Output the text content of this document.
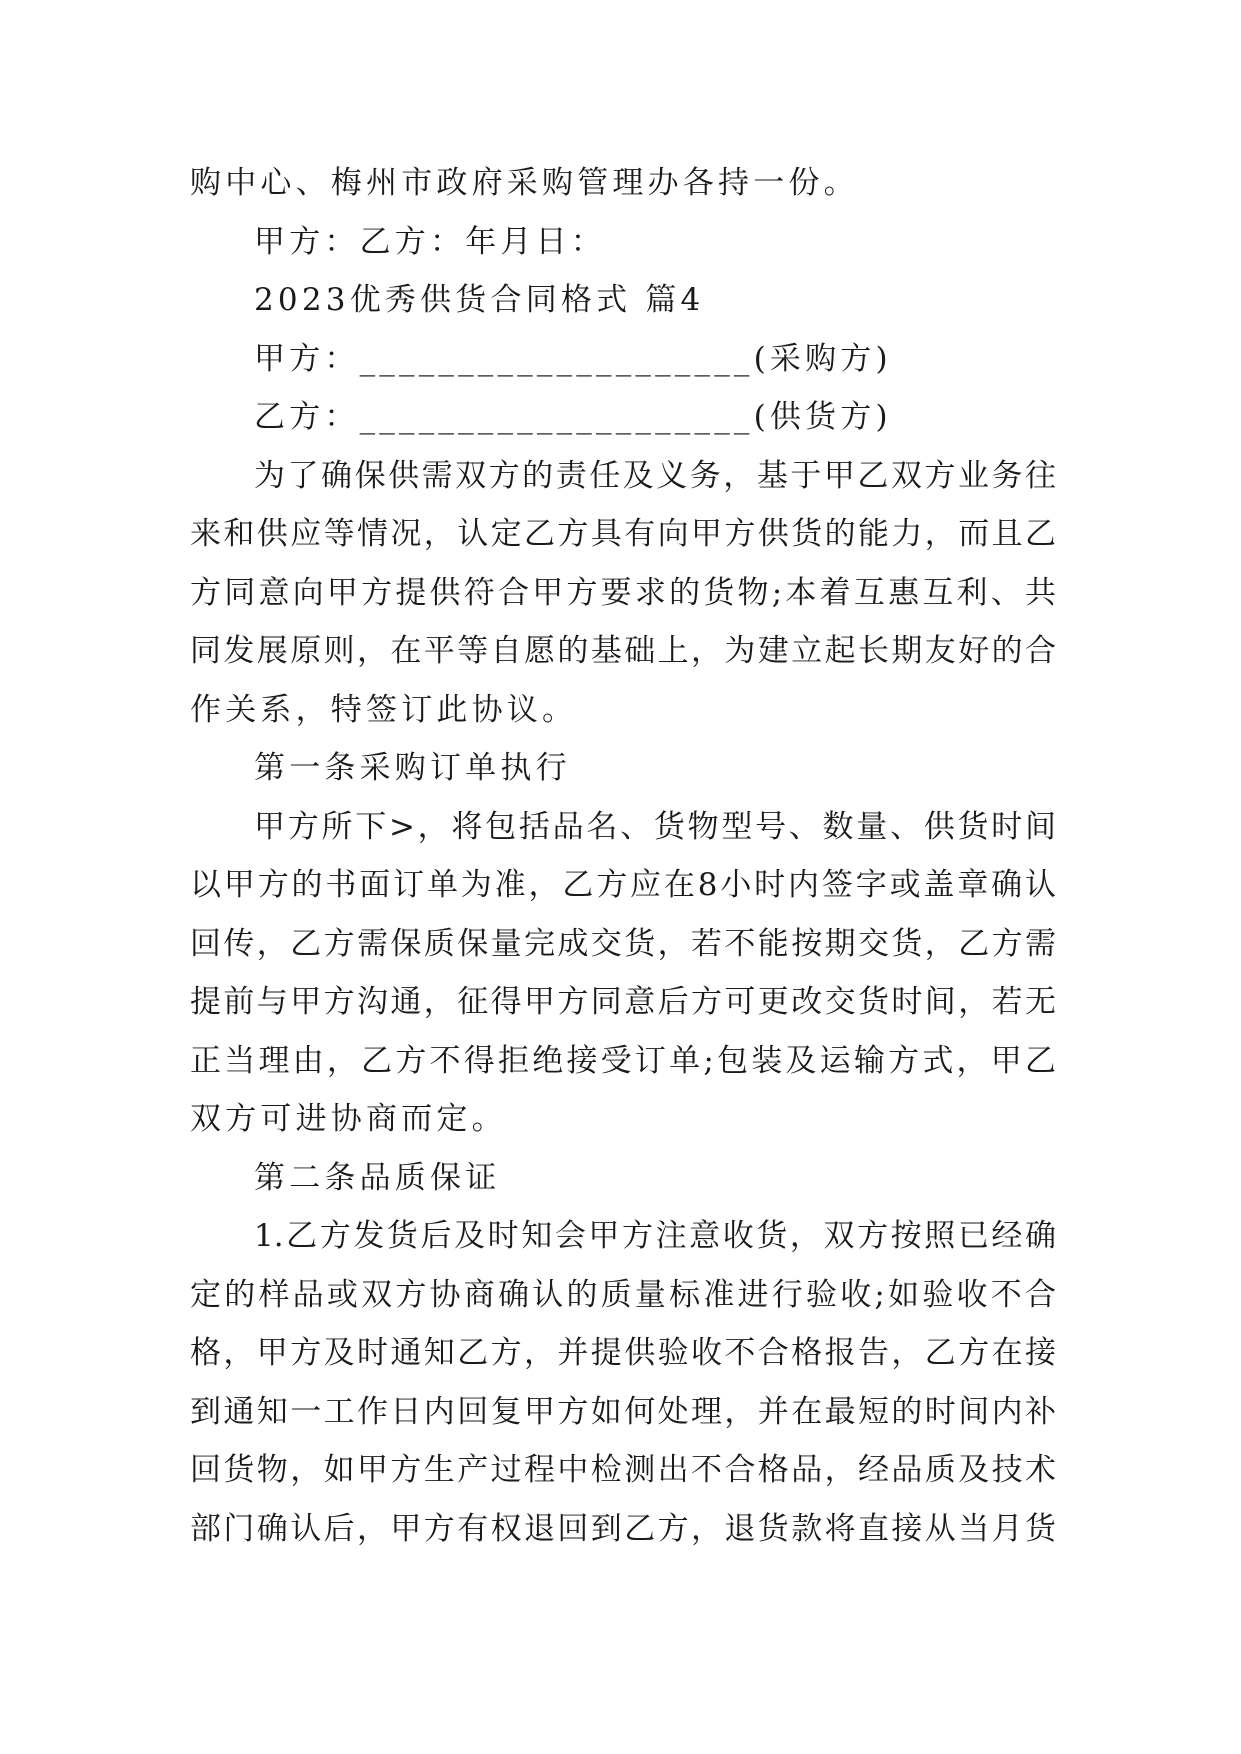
购中心、梅州市政府采购管理办各持一份。
甲方：乙方：年月日：
2023优秀供货合同格式 篇4
甲方：____________________(采购方)
乙方：____________________(供货方)
为了确保供需双方的责任及义务，基于甲乙双方业务往
来和供应等情况，认定乙方具有向甲方供货的能力，而且乙
方同意向甲方提供符合甲方要求的货物;本着互惠互利、共
同发展原则，在平等自愿的基础上，为建立起长期友好的合
作关系，特签订此协议。
第一条采购订单执行
甲方所下>，将包括品名、货物型号、数量、供货时间
以甲方的书面订单为准，乙方应在8小时内签字或盖章确认
回传，乙方需保质保量完成交货，若不能按期交货，乙方需
提前与甲方沟通，征得甲方同意后方可更改交货时间，若无
正当理由，乙方不得拒绝接受订单;包装及运输方式，甲乙
双方可进协商而定。
第二条品质保证
1.乙方发货后及时知会甲方注意收货，双方按照已经确
定的样品或双方协商确认的质量标准进行验收;如验收不合
格，甲方及时通知乙方，并提供验收不合格报告，乙方在接
到通知一工作日内回复甲方如何处理，并在最短的时间内补
回货物，如甲方生产过程中检测出不合格品，经品质及技术
部门确认后，甲方有权退回到乙方，退货款将直接从当月货
